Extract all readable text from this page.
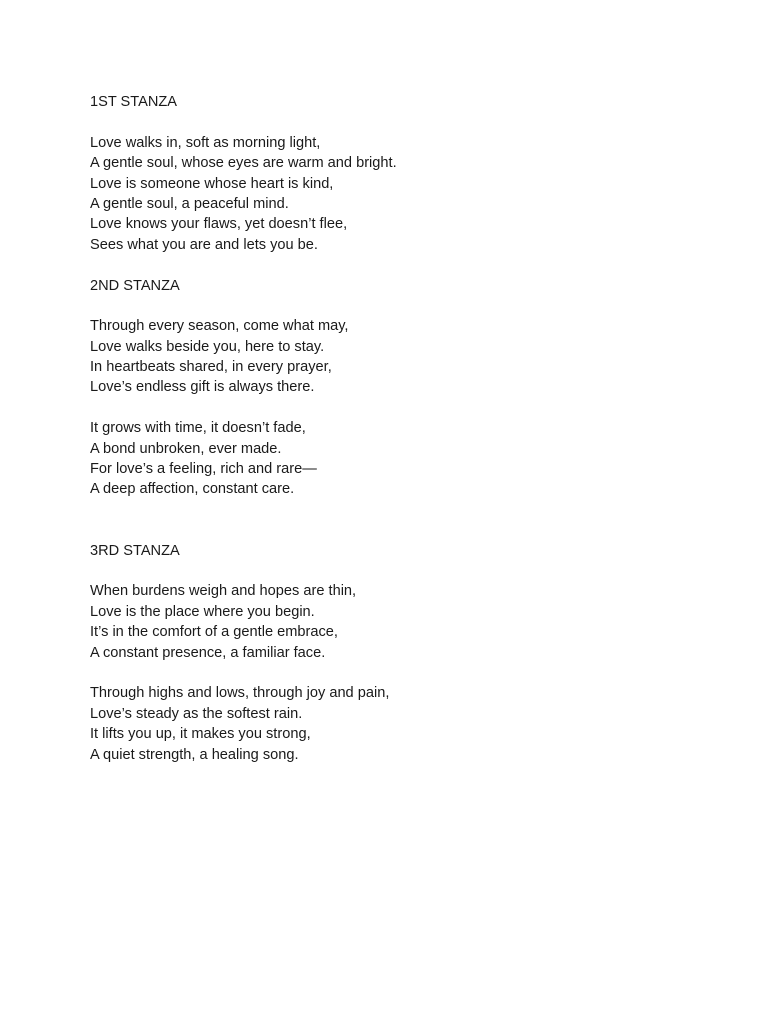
1ST STANZA
Love walks in, soft as morning light,
A gentle soul, whose eyes are warm and bright.
Love is someone whose heart is kind,
A gentle soul, a peaceful mind.
Love knows your flaws, yet doesn’t flee,
Sees what you are and lets you be.
2ND STANZA
Through every season, come what may,
Love walks beside you, here to stay.
In heartbeats shared, in every prayer,
Love’s endless gift is always there.
It grows with time, it doesn’t fade,
A bond unbroken, ever made.
For love’s a feeling, rich and rare—
A deep affection, constant care.
3RD STANZA
When burdens weigh and hopes are thin,
Love is the place where you begin.
It’s in the comfort of a gentle embrace,
A constant presence, a familiar face.
Through highs and lows, through joy and pain,
Love’s steady as the softest rain.
It lifts you up, it makes you strong,
A quiet strength, a healing song.
